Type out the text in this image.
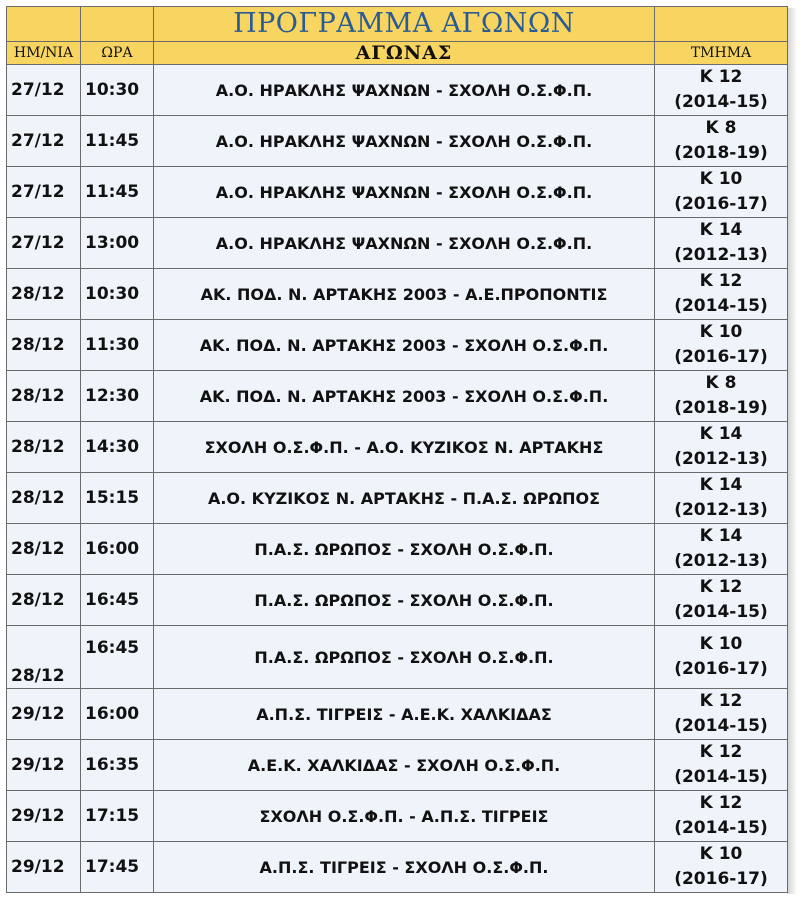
		ΠΡΟΓΡΑΜΜΑ ΑΓΩΝΩΝ	
ΗΜ/ΝΙΑ	ΩΡΑ	ΑΓΩΝΑΣ	ΤΜΗΜΑ
27/12	10:30	Α.Ο. ΗΡΑΚΛΗΣ ΨΑΧΝΩΝ - ΣΧΟΛΗ Ο.Σ.Φ.Π.	Κ 12
(2014-15)

27/12	11:45	Α.Ο. ΗΡΑΚΛΗΣ ΨΑΧΝΩΝ - ΣΧΟΛΗ Ο.Σ.Φ.Π.	Κ 8
(2018-19)

27/12	11:45	Α.Ο. ΗΡΑΚΛΗΣ ΨΑΧΝΩΝ - ΣΧΟΛΗ Ο.Σ.Φ.Π.	Κ 10
(2016-17)

27/12	13:00	Α.Ο. ΗΡΑΚΛΗΣ ΨΑΧΝΩΝ - ΣΧΟΛΗ Ο.Σ.Φ.Π.	Κ 14
(2012-13)

28/12	10:30	ΑΚ. ΠΟΔ. Ν. ΑΡΤΑΚΗΣ 2003 - Α.Ε.ΠΡΟΠΟΝΤΙΣ	Κ 12
(2014-15)

28/12	11:30	ΑΚ. ΠΟΔ. Ν. ΑΡΤΑΚΗΣ 2003 - ΣΧΟΛΗ Ο.Σ.Φ.Π.	Κ 10
(2016-17)

28/12	12:30	ΑΚ. ΠΟΔ. Ν. ΑΡΤΑΚΗΣ 2003 - ΣΧΟΛΗ Ο.Σ.Φ.Π.	Κ 8
(2018-19)

28/12	14:30	ΣΧΟΛΗ Ο.Σ.Φ.Π. - Α.Ο. ΚΥΖΙΚΟΣ Ν. ΑΡΤΑΚΗΣ	Κ 14
(2012-13)

28/12	15:15	Α.Ο. ΚΥΖΙΚΟΣ Ν. ΑΡΤΑΚΗΣ - Π.Α.Σ. ΩΡΩΠΟΣ	Κ 14
(2012-13)

28/12	16:00	Π.Α.Σ. ΩΡΩΠΟΣ - ΣΧΟΛΗ Ο.Σ.Φ.Π.	Κ 14
(2012-13)

28/12	16:45	Π.Α.Σ. ΩΡΩΠΟΣ - ΣΧΟΛΗ Ο.Σ.Φ.Π.	Κ 12
(2014-15)

28/12	16:45	Π.Α.Σ. ΩΡΩΠΟΣ - ΣΧΟΛΗ Ο.Σ.Φ.Π.	Κ 10
(2016-17)

29/12	16:00	Α.Π.Σ. ΤΙΓΡΕΙΣ - Α.Ε.Κ. ΧΑΛΚΙΔΑΣ	Κ 12
(2014-15)

29/12	16:35	Α.Ε.Κ. ΧΑΛΚΙΔΑΣ - ΣΧΟΛΗ Ο.Σ.Φ.Π.	Κ 12
(2014-15)

29/12	17:15	ΣΧΟΛΗ Ο.Σ.Φ.Π. - Α.Π.Σ. ΤΙΓΡΕΙΣ	Κ 12
(2014-15)

29/12	17:45	Α.Π.Σ. ΤΙΓΡΕΙΣ - ΣΧΟΛΗ Ο.Σ.Φ.Π.	Κ 10
(2016-17)
